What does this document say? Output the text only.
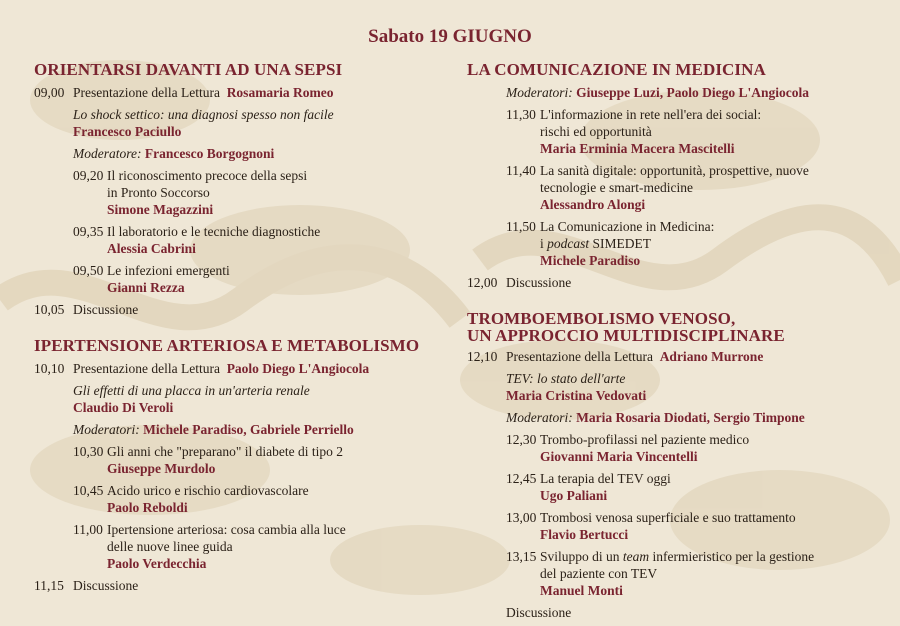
Sabato 19 GIUGNO
ORIENTARSI DAVANTI AD UNA SEPSI
09,00 Presentazione della Lettura Rosamaria Romeo
Lo shock settico: una diagnosi spesso non facile
Francesco Paciullo
Moderatore: Francesco Borgognoni
09,20 Il riconoscimento precoce della sepsi
in Pronto Soccorso
Simone Magazzini
09,35 Il laboratorio e le tecniche diagnostiche
Alessia Cabrini
09,50 Le infezioni emergenti
Gianni Rezza
10,05 Discussione
IPERTENSIONE ARTERIOSA E METABOLISMO
10,10 Presentazione della Lettura Paolo Diego L'Angiocola
Gli effetti di una placca in un'arteria renale
Claudio Di Veroli
Moderatori: Michele Paradiso, Gabriele Perriello
10,30 Gli anni che "preparano" il diabete di tipo 2
Giuseppe Murdolo
10,45 Acido urico e rischio cardiovascolare
Paolo Reboldi
11,00 Ipertensione arteriosa: cosa cambia alla luce
delle nuove linee guida
Paolo Verdecchia
11,15 Discussione
LA COMUNICAZIONE IN MEDICINA
Moderatori: Giuseppe Luzi, Paolo Diego L'Angiocola
11,30 L'informazione in rete nell'era dei social:
rischi ed opportunità
Maria Erminia Macera Mascitelli
11,40 La sanità digitale: opportunità, prospettive, nuove
tecnologie e smart-medicine
Alessandro Alongi
11,50 La Comunicazione in Medicina:
i podcast SIMEDET
Michele Paradiso
12,00 Discussione
TROMBOEMBOLISMO VENOSO,
UN APPROCCIO MULTIDISCIPLINARE
12,10 Presentazione della Lettura Adriano Murrone
TEV: lo stato dell'arte
Maria Cristina Vedovati
Moderatori: Maria Rosaria Diodati, Sergio Timpone
12,30 Trombo-profilassi nel paziente medico
Giovanni Maria Vincentelli
12,45 La terapia del TEV oggi
Ugo Paliani
13,00 Trombosi venosa superficiale e suo trattamento
Flavio Bertucci
13,15 Sviluppo di un team infermieristico per la gestione
del paziente con TEV
Manuel Monti
Discussione
